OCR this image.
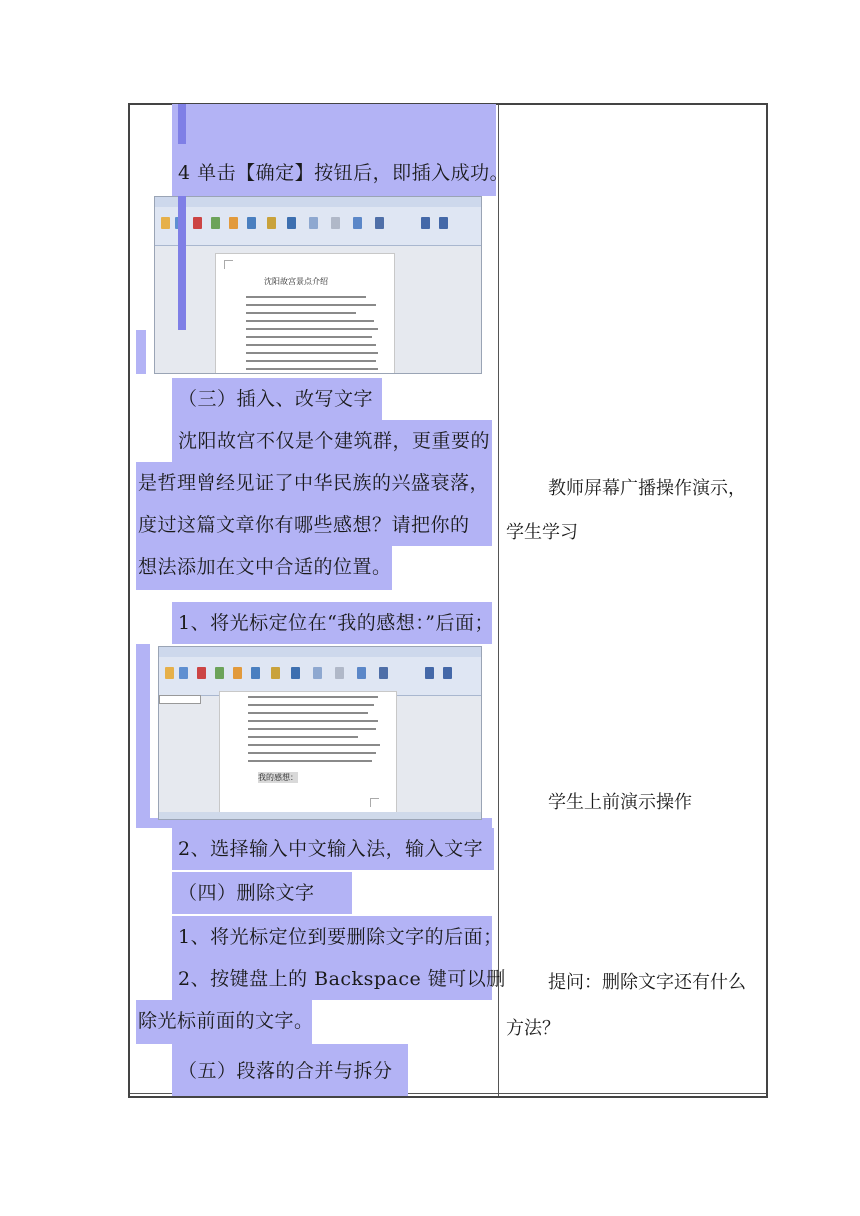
沈阳故宫景点介绍
我的感想：
4 单击【确定】按钮后，即插入成功。
（三）插入、改写文字
沈阳故宫不仅是个建筑群，更重要的
是哲理曾经见证了中华民族的兴盛衰落，
度过这篇文章你有哪些感想？请把你的
想法添加在文中合适的位置。
1、将光标定位在“我的感想：”后面；
2、选择输入中文输入法，输入文字
（四）删除文字
1、将光标定位到要删除文字的后面；
2、按键盘上的 Backspace 键可以删
除光标前面的文字。
（五）段落的合并与拆分
教师屏幕广播操作演示，
学生学习
学生上前演示操作
提问：删除文字还有什么
方法？
